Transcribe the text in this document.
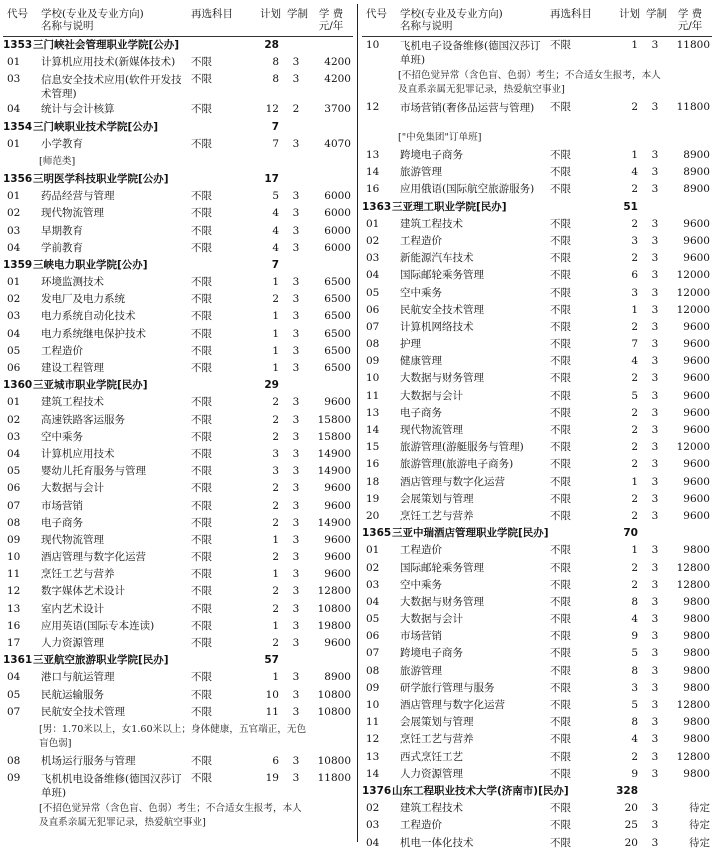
代号 学校(专业及专业方向)
名称与说明
再选科目	计划 学制	学 费
元/年
1353 三门峡社会管理职业学院[公办]	28
01 计算机应用技术(新媒体技术) 不限	8	3	4200
03 信息安全技术应用(软件开发技术管理)
不限	8	3	4200
04 统计与会计核算	不限	12	2	3700
1354 三门峡职业技术学院[公办]	7
01 小学教育	不限	7	3	4070
[师范类]
1356 三明医学科技职业学院[公办]	17
01 药品经营与管理	不限	5	3	6000
02 现代物流管理	不限	4	3	6000
03 早期教育	不限	4	3	6000
04 学前教育	不限	4	3	6000
1359 三峡电力职业学院[公办]	7
01 环境监测技术	不限	1	3	6500
02 发电厂及电力系统	不限	2	3	6500
03 电力系统自动化技术	不限	1	3	6500
04 电力系统继电保护技术	不限	1	3	6500
05 工程造价	不限	1	3	6500
06 建设工程管理	不限	1	3	6500
1360 三亚城市职业学院[民办]	29
01 建筑工程技术	不限	2	3	9600
02 高速铁路客运服务	不限	2	3	15800
03 空中乘务	不限	2	3	15800
04 计算机应用技术	不限	3	3	14900
05 婴幼儿托育服务与管理	不限	3	3	14900
06 大数据与会计	不限	2	3	9600
07 市场营销	不限	2	3	9600
08 电子商务	不限	2	3	14900
09 现代物流管理	不限	1	3	9600
10 酒店管理与数字化运营	不限	2	3	9600
11 烹饪工艺与营养	不限	1	3	9600
12 数字媒体艺术设计	不限	2	3	12800
13 室内艺术设计	不限	2	3	10800
16 应用英语(国际专本连读)	不限	1	3	19800
17 人力资源管理	不限	2	3	9600
1361 三亚航空旅游职业学院[民办]	57
04 港口与航运管理	不限	1	3	8900
05 民航运输服务	不限	10	3	10800
07 民航安全技术管理	不限	11	3	10800
[男：1.70米以上，女1.60米以上；身体健康，五官端正，无色盲色弱]
08 机场运行服务与管理	不限	6	3	10800
09 飞机机电设备维修(德国汉莎订单班)
不限	19	3	11800
[不招色觉异常（含色盲、色弱）考生；不合适女生报考，本人及直系亲属无犯罪记录，热爱航空事业]
代号 学校(专业及专业方向)
名称与说明
再选科目	计划 学制	学 费
元/年
10 飞机电子设备维修(德国汉莎订单班)
不限	1	3	11800
[不招色觉异常（含色盲、色弱）考生；不合适女生报考，本人及直系亲属无犯罪记录，热爱航空事业]
12 市场营销(奢侈品运营与管理)	不限	2	3	11800
["中免集团"订单班]
13 跨境电子商务	不限	1	3	8900
14 旅游管理	不限	4	3	8900
16 应用俄语(国际航空旅游服务) 不限	2	3	8900
1363 三亚理工职业学院[民办]	51
01 建筑工程技术	不限	2	3	9600
02 工程造价	不限	3	3	9600
03 新能源汽车技术	不限	2	3	9600
04 国际邮轮乘务管理	不限	6	3	12000
05 空中乘务	不限	3	3	12000
06 民航安全技术管理	不限	1	3	12000
07 计算机网络技术	不限	2	3	9600
08 护理	不限	7	3	9600
09 健康管理	不限	4	3	9600
10 大数据与财务管理	不限	2	3	9600
11 大数据与会计	不限	5	3	9600
13 电子商务	不限	2	3	9600
14 现代物流管理	不限	2	3	9600
15 旅游管理(游艇服务与管理)	不限	2	3	12000
16 旅游管理(旅游电子商务)	不限	2	3	9600
18 酒店管理与数字化运营	不限	1	3	9600
19 会展策划与管理	不限	2	3	9600
20 烹饪工艺与营养	不限	2	3	9600
1365 三亚中瑞酒店管理职业学院[民办]	70
01 工程造价	不限	1	3	9800
02 国际邮轮乘务管理	不限	2	3	12800
03 空中乘务	不限	2	3	12800
04 大数据与财务管理	不限	8	3	9800
05 大数据与会计	不限	4	3	9800
06 市场营销	不限	9	3	9800
07 跨境电子商务	不限	5	3	9800
08 旅游管理	不限	8	3	9800
09 研学旅行管理与服务	不限	3	3	9800
10 酒店管理与数字化运营	不限	5	3	12800
11 会展策划与管理	不限	8	3	9800
12 烹饪工艺与营养	不限	4	3	9800
13 西式烹饪工艺	不限	2	3	12800
14 人力资源管理	不限	9	3	9800
1376 山东工程职业技术大学(济南市)[民办]	328
02 建筑工程技术	不限	20	3	待定
03 工程造价	不限	25	3	待定
04 机电一体化技术	不限	20	3	待定
